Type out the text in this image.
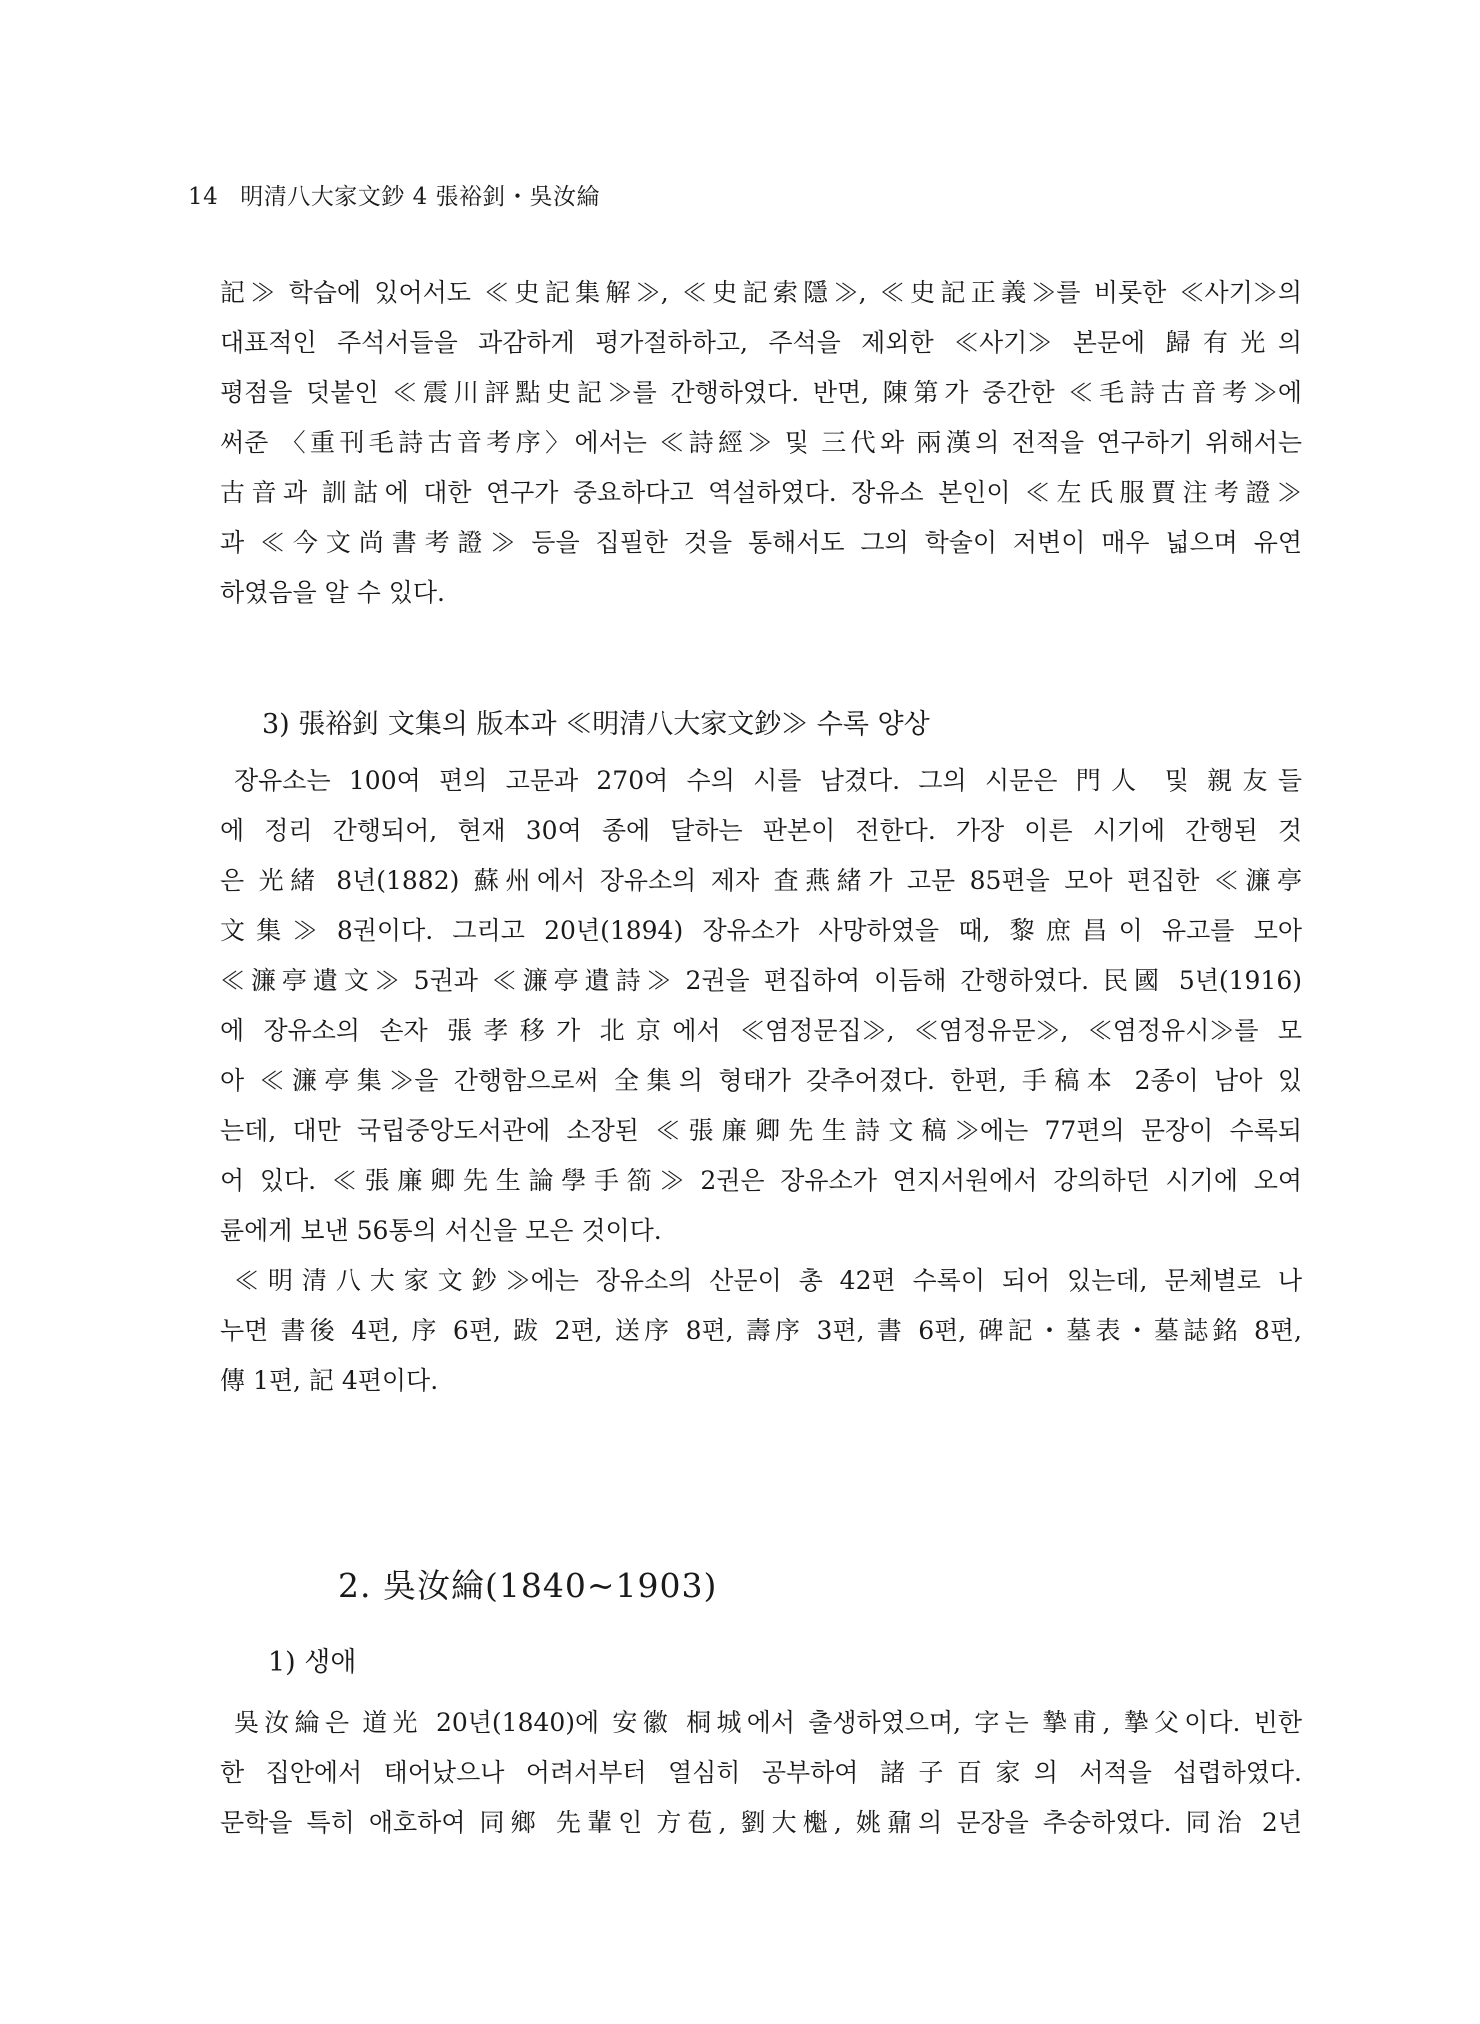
14 明清八大家文鈔 4 張裕釗・吳汝綸
記≫ 학습에 있어서도 ≪史記集解≫, ≪史記索隱≫, ≪史記正義≫를 비롯한 ≪사기≫의
대표적인 주석서들을 과감하게 평가절하하고, 주석을 제외한 ≪사기≫ 본문에 歸有光의
평점을 덧붙인 ≪震川評點史記≫를 간행하였다. 반면, 陳第가 중간한 ≪毛詩古音考≫에
써준 〈重刊毛詩古音考序〉에서는 ≪詩經≫ 및 三代와 兩漢의 전적을 연구하기 위해서는
古音과 訓詁에 대한 연구가 중요하다고 역설하였다. 장유소 본인이 ≪左氏服賈注考證≫
과 ≪今文尚書考證≫ 등을 집필한 것을 통해서도 그의 학술이 저변이 매우 넓으며 유연
하였음을 알 수 있다.
3) 張裕釗 文集의 版本과 ≪明清八大家文鈔≫ 수록 양상
장유소는 100여 편의 고문과 270여 수의 시를 남겼다. 그의 시문은 門人 및 親友들
에 정리 간행되어, 현재 30여 종에 달하는 판본이 전한다. 가장 이른 시기에 간행된 것
은 光緒 8년(1882) 蘇州에서 장유소의 제자 査燕緒가 고문 85편을 모아 편집한 ≪濂亭
文集≫ 8권이다. 그리고 20년(1894) 장유소가 사망하였을 때, 黎庶昌이 유고를 모아
≪濂亭遺文≫ 5권과 ≪濂亭遺詩≫ 2권을 편집하여 이듬해 간행하였다. 民國 5년(1916)
에 장유소의 손자 張孝移가 北京에서 ≪염정문집≫, ≪염정유문≫, ≪염정유시≫를 모
아 ≪濂亭集≫을 간행함으로써 全集의 형태가 갖추어졌다. 한편, 手稿本 2종이 남아 있
는데, 대만 국립중앙도서관에 소장된 ≪張廉卿先生詩文稿≫에는 77편의 문장이 수록되
어 있다. ≪張廉卿先生論學手箚≫ 2권은 장유소가 연지서원에서 강의하던 시기에 오여
륜에게 보낸 56통의 서신을 모은 것이다.
≪明清八大家文鈔≫에는 장유소의 산문이 총 42편 수록이 되어 있는데, 문체별로 나
누면 書後 4편, 序 6편, 跋 2편, 送序 8편, 壽序 3편, 書 6편, 碑記・墓表・墓誌銘 8편,
傳 1편, 記 4편이다.
2. 吳汝綸(1840~1903)
1) 생애
吳汝綸은 道光 20년(1840)에 安徽 桐城에서 출생하였으며, 字는 摯甫, 摯父이다. 빈한
한 집안에서 태어났으나 어려서부터 열심히 공부하여 諸子百家의 서적을 섭렵하였다.
문학을 특히 애호하여 同鄉 先輩인 方苞, 劉大櫆, 姚鼐의 문장을 추숭하였다. 同治 2년
